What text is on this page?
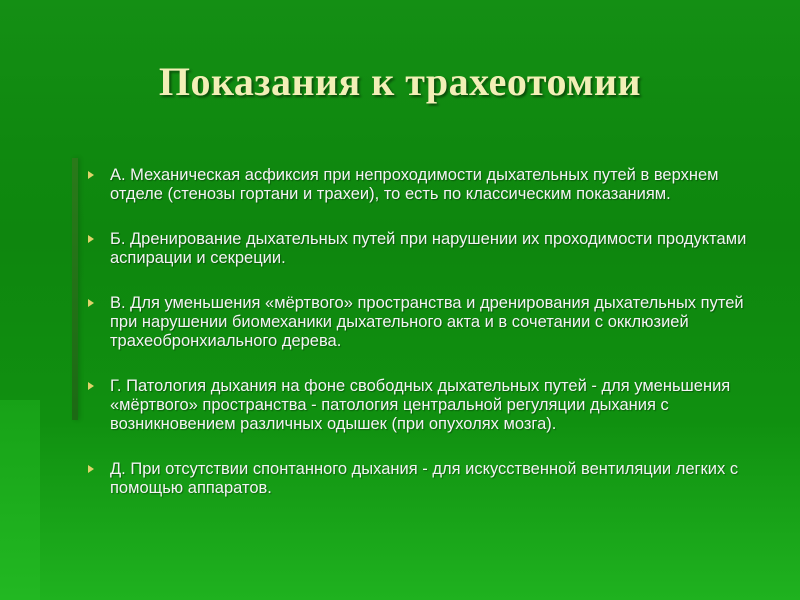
Показания к трахеотомии
А. Механическая асфиксия при непроходимости дыхательных путей в верхнем отделе (стенозы гортани и трахеи), то есть по классическим показаниям.
Б. Дренирование дыхательных путей при нарушении их проходимости продуктами аспирации и секреции.
В. Для уменьшения «мёртвого» пространства и дренирования дыхательных путей при нарушении биомеханики дыхательного акта и в сочетании с окклюзией трахеобронхиального дерева.
Г. Патология дыхания на фоне свободных дыхательных путей - для уменьшения «мёртвого» пространства - патология центральной регуляции дыхания с возникновением различных одышек (при опухолях мозга).
Д. При отсутствии спонтанного дыхания - для искусственной вентиляции легких с помощью аппаратов.
